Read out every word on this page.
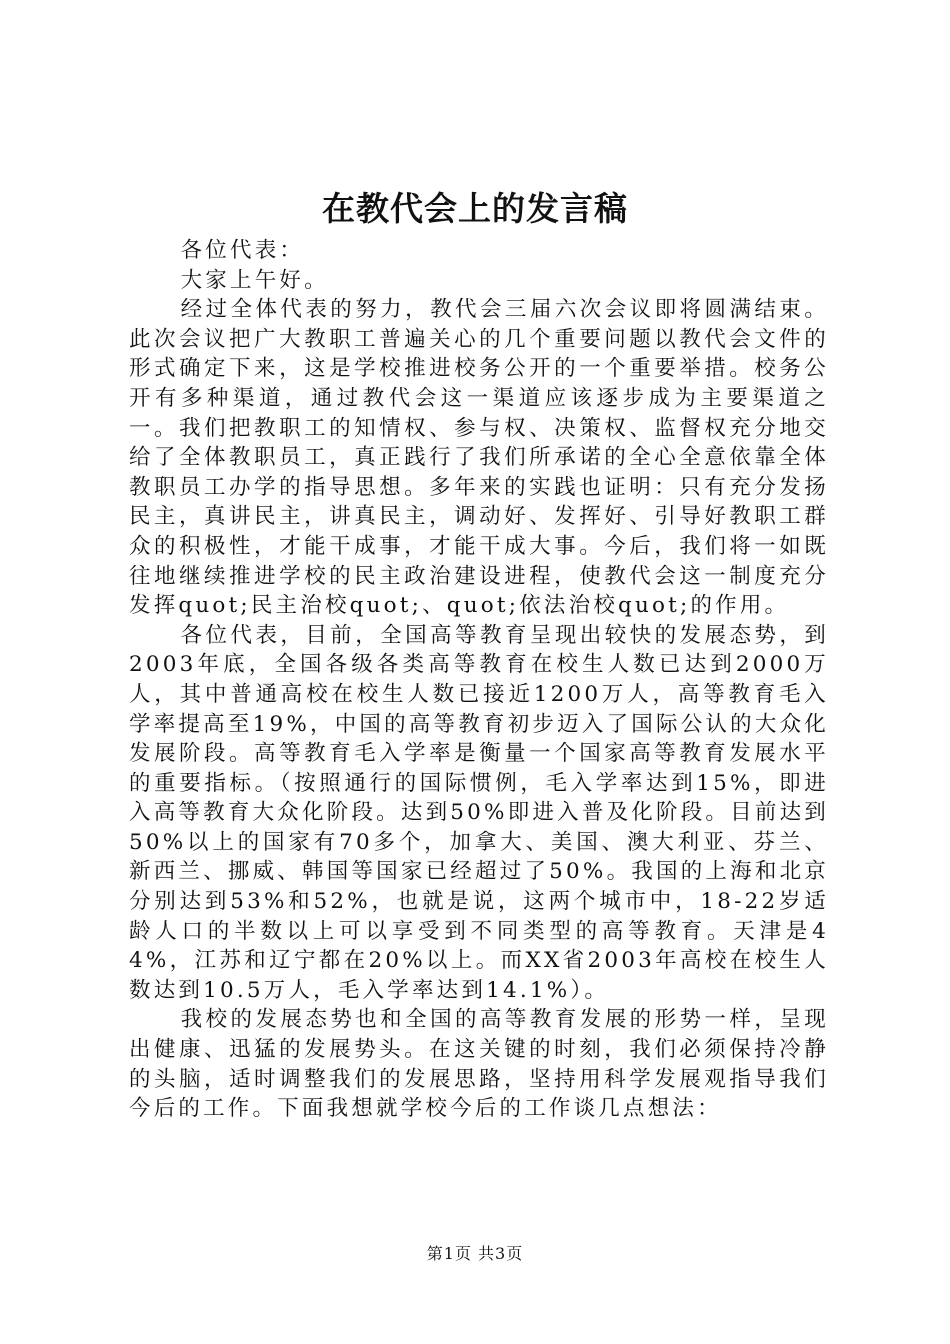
在教代会上的发言稿

各位代表：

大家上午好。

经过全体代表的努力，教代会三届六次会议即将圆满结束。此次会议把广大教职工普遍关心的几个重要问题以教代会文件的形式确定下来，这是学校推进校务公开的一个重要举措。校务公开有多种渠道，通过教代会这一渠道应该逐步成为主要渠道之一。我们把教职工的知情权、参与权、决策权、监督权充分地交给了全体教职员工，真正践行了我们所承诺的全心全意依靠全体教职员工办学的指导思想。多年来的实践也证明：只有充分发扬民主，真讲民主，讲真民主，调动好、发挥好、引导好教职工群众的积极性，才能干成事，才能干成大事。今后，我们将一如既往地继续推进学校的民主政治建设进程，使教代会这一制度充分发挥quot;民主治校quot;、quot;依法治校quot;的作用。

各位代表，目前，全国高等教育呈现出较快的发展态势，到2003年底，全国各级各类高等教育在校生人数已达到2000万人，其中普通高校在校生人数已接近1200万人，高等教育毛入学率提高至19%，中国的高等教育初步迈入了国际公认的大众化发展阶段。高等教育毛入学率是衡量一个国家高等教育发展水平的重要指标。（按照通行的国际惯例，毛入学率达到15%，即进入高等教育大众化阶段。达到50%即进入普及化阶段。目前达到50%以上的国家有70多个，加拿大、美国、澳大利亚、芬兰、新西兰、挪威、韩国等国家已经超过了50%。我国的上海和北京分别达到53%和52%，也就是说，这两个城市中，18-22岁适龄人口的半数以上可以享受到不同类型的高等教育。天津是44%，江苏和辽宁都在20%以上。而XX省2003年高校在校生人数达到10.5万人，毛入学率达到14.1%）。

我校的发展态势也和全国的高等教育发展的形势一样，呈现出健康、迅猛的发展势头。在这关键的时刻，我们必须保持冷静的头脑，适时调整我们的发展思路，坚持用科学发展观指导我们今后的工作。下面我想就学校今后的工作谈几点想法：

第1页 共3页
